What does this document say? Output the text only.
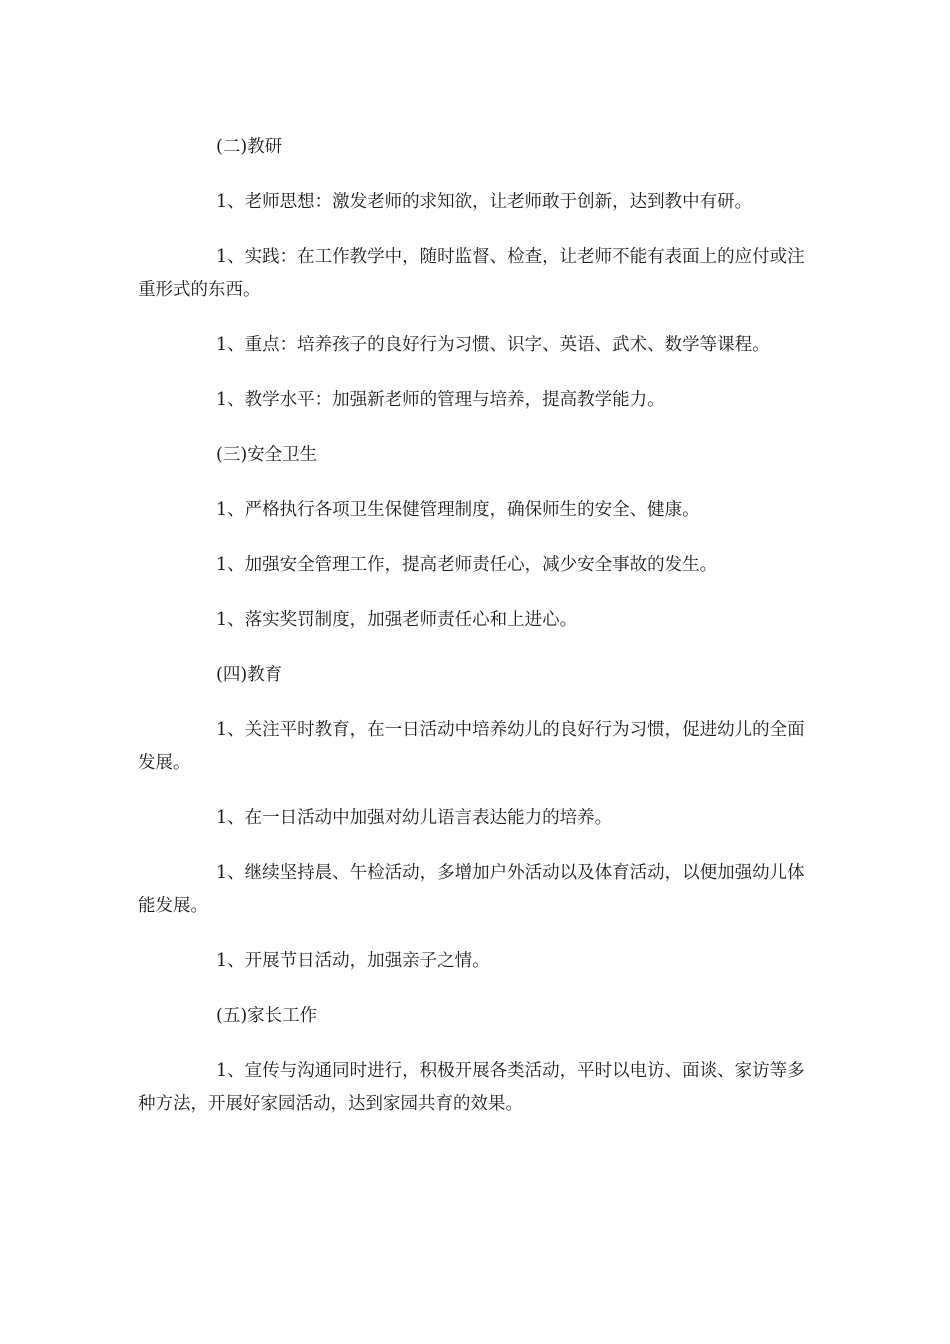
(二)教研

1、老师思想：激发老师的求知欲，让老师敢于创新，达到教中有研。

1、实践：在工作教学中，随时监督、检查，让老师不能有表面上的应付或注重形式的东西。

1、重点：培养孩子的良好行为习惯、识字、英语、武术、数学等课程。

1、教学水平：加强新老师的管理与培养，提高教学能力。

(三)安全卫生

1、严格执行各项卫生保健管理制度，确保师生的安全、健康。

1、加强安全管理工作，提高老师责任心，减少安全事故的发生。

1、落实奖罚制度，加强老师责任心和上进心。

(四)教育

1、关注平时教育，在一日活动中培养幼儿的良好行为习惯，促进幼儿的全面发展。

1、在一日活动中加强对幼儿语言表达能力的培养。

1、继续坚持晨、午检活动，多增加户外活动以及体育活动，以便加强幼儿体能发展。

1、开展节日活动，加强亲子之情。

(五)家长工作

1、宣传与沟通同时进行，积极开展各类活动，平时以电访、面谈、家访等多种方法，开展好家园活动，达到家园共育的效果。
